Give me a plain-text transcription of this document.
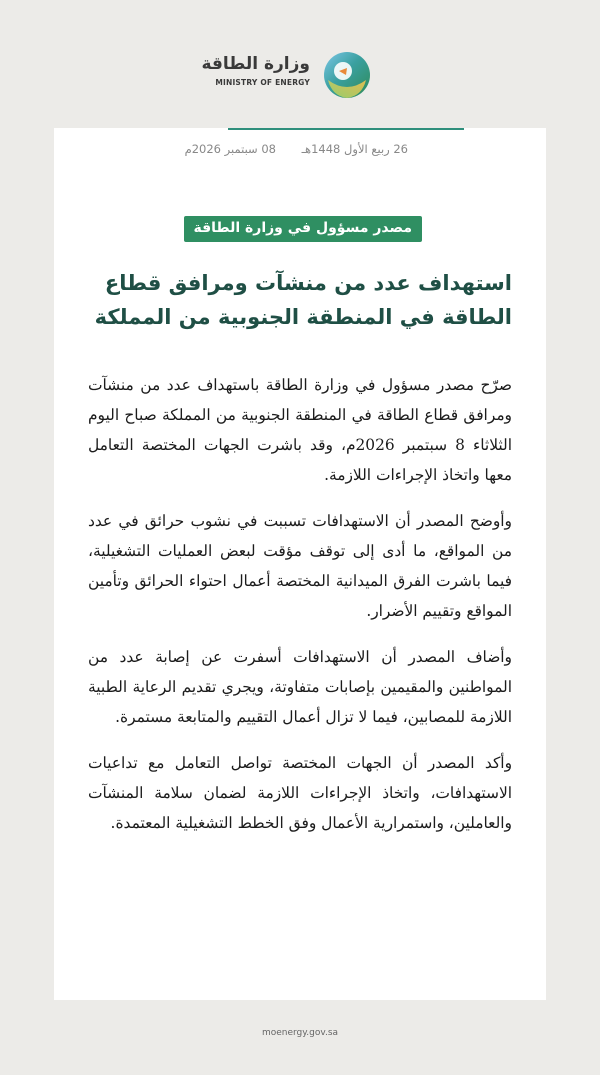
وزارة الطاقة
MINISTRY OF ENERGY
26 ربيع الأول 1448هـ 08 سبتمبر 2026م
مصدر مسؤول في وزارة الطاقة
استهداف عدد من منشآت ومرافق قطاع
الطاقة في المنطقة الجنوبية من المملكة

صرّح مصدر مسؤول في وزارة الطاقة باستهداف عدد من منشآت ومرافق قطاع الطاقة في المنطقة الجنوبية من المملكة صباح اليوم الثلاثاء 8 سبتمبر 2026م، وقد باشرت الجهات المختصة التعامل معها واتخاذ الإجراءات اللازمة.

وأوضح المصدر أن الاستهدافات تسببت في نشوب حرائق في عدد من المواقع، ما أدى إلى توقف مؤقت لبعض العمليات التشغيلية، فيما باشرت الفرق الميدانية المختصة أعمال احتواء الحرائق وتأمين المواقع وتقييم الأضرار.

وأضاف المصدر أن الاستهدافات أسفرت عن إصابة عدد من المواطنين والمقيمين بإصابات متفاوتة، ويجري تقديم الرعاية الطبية اللازمة للمصابين، فيما لا تزال أعمال التقييم والمتابعة مستمرة.

وأكد المصدر أن الجهات المختصة تواصل التعامل مع تداعيات الاستهدافات، واتخاذ الإجراءات اللازمة لضمان سلامة المنشآت والعاملين، واستمرارية الأعمال وفق الخطط التشغيلية المعتمدة.

moenergy.gov.sa
